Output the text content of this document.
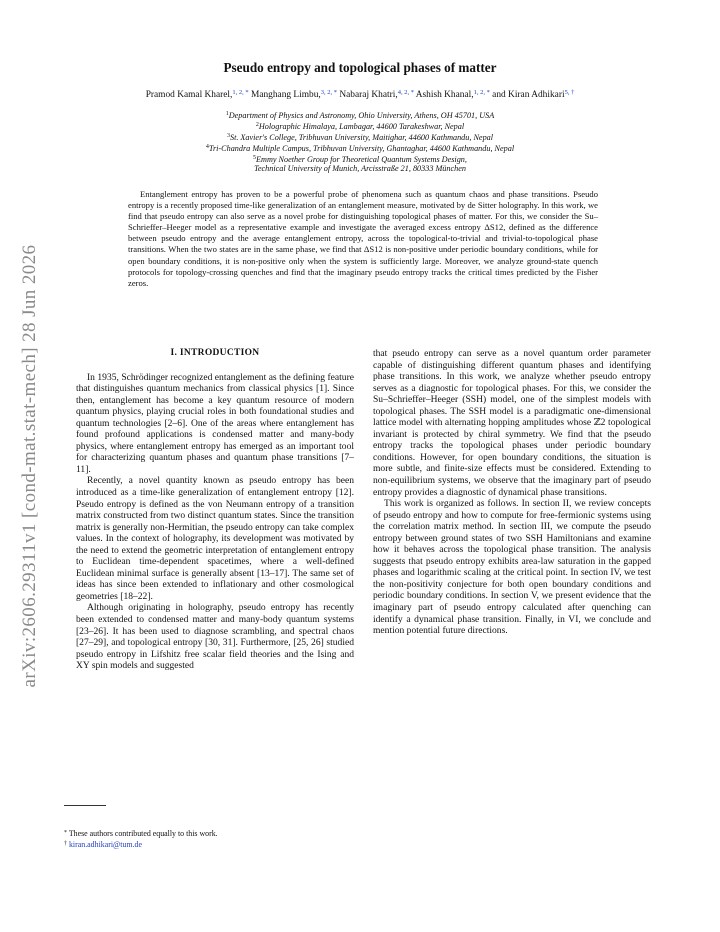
arXiv:2606.29311v1 [cond-mat.stat-mech] 28 Jun 2026
Pseudo entropy and topological phases of matter
Pramod Kamal Kharel,$^{1, 2, *}$ Manghang Limbu,$^{3, 2, *}$ Nabaraj Khatri,$^{4, 2, *}$ Ashish Khanal,$^{1, 2, *}$ and Kiran Adhikari$^{5, \dagger}$
$^1$Department of Physics and Astronomy, Ohio University, Athens, OH 45701, USA
$^2$Holographic Himalaya, Lambagar, 44600 Tarakeshwar, Nepal
$^3$St. Xavier's College, Tribhuvan University, Maitighar, 44600 Kathmandu, Nepal
$^4$Tri-Chandra Multiple Campus, Tribhuvan University, Ghantaghar, 44600 Kathmandu, Nepal
$^5$Emmy Noether Group for Theoretical Quantum Systems Design,
Technical University of Munich, Arcisstraße 21, 80333 München

Entanglement entropy has proven to be a powerful probe of phenomena such as quantum chaos and phase transitions. Pseudo entropy is a recently proposed time-like generalization of an entanglement measure, motivated by de Sitter holography. In this work, we find that pseudo entropy can also serve as a novel probe for distinguishing topological phases of matter. For this, we consider the Su–Schrieffer–Heeger model as a representative example and investigate the averaged excess entropy ΔS12, defined as the difference between pseudo entropy and the average entanglement entropy, across the topological-to-trivial and trivial-to-topological phase transitions. When the two states are in the same phase, we find that ΔS12 is non-positive under periodic boundary conditions, while for open boundary conditions, it is non-positive only when the system is sufficiently large. Moreover, we analyze ground-state quench protocols for topology-crossing quenches and find that the imaginary pseudo entropy tracks the critical times predicted by the Fisher zeros.

I. INTRODUCTION

In 1935, Schrödinger recognized entanglement as the defining feature that distinguishes quantum mechanics from classical physics [1]. Since then, entanglement has become a key quantum resource of modern quantum physics, playing crucial roles in both foundational studies and quantum technologies [2–6]. One of the areas where entanglement has found profound applications is condensed matter and many-body physics, where entanglement entropy has emerged as an important tool for characterizing quantum phases and quantum phase transitions [7–11].

Recently, a novel quantity known as pseudo entropy has been introduced as a time-like generalization of entanglement entropy [12]. Pseudo entropy is defined as the von Neumann entropy of a transition matrix constructed from two distinct quantum states. Since the transition matrix is generally non-Hermitian, the pseudo entropy can take complex values. In the context of holography, its development was motivated by the need to extend the geometric interpretation of entanglement entropy to Euclidean time-dependent spacetimes, where a well-defined Euclidean minimal surface is generally absent [13–17]. The same set of ideas has since been extended to inflationary and other cosmological geometries [18–22].

Although originating in holography, pseudo entropy has recently been extended to condensed matter and many-body quantum systems [23–26]. It has been used to diagnose scrambling, and spectral chaos [27–29], and topological entropy [30, 31]. Furthermore, [25, 26] studied pseudo entropy in Lifshitz free scalar field theories and the Ising and XY spin models and suggested

that pseudo entropy can serve as a novel quantum order parameter capable of distinguishing different quantum phases and identifying phase transitions. In this work, we analyze whether pseudo entropy serves as a diagnostic for topological phases. For this, we consider the Su–Schrieffer–Heeger (SSH) model, one of the simplest models with topological phases. The SSH model is a paradigmatic one-dimensional lattice model with alternating hopping amplitudes whose ℤ2 topological invariant is protected by chiral symmetry. We find that the pseudo entropy tracks the topological phases under periodic boundary conditions. However, for open boundary conditions, the situation is more subtle, and finite-size effects must be considered. Extending to non-equilibrium systems, we observe that the imaginary part of pseudo entropy provides a diagnostic of dynamical phase transitions.

This work is organized as follows. In section II, we review concepts of pseudo entropy and how to compute for free-fermionic systems using the correlation matrix method. In section III, we compute the pseudo entropy between ground states of two SSH Hamiltonians and examine how it behaves across the topological phase transition. The analysis suggests that pseudo entropy exhibits area-law saturation in the gapped phases and logarithmic scaling at the critical point. In section IV, we test the non-positivity conjecture for both open boundary conditions and periodic boundary conditions. In section V, we present evidence that the imaginary part of pseudo entropy calculated after quenching can identify a dynamical phase transition. Finally, in VI, we conclude and mention potential future directions.

* These authors contributed equally to this work.
† kiran.adhikari@tum.de
